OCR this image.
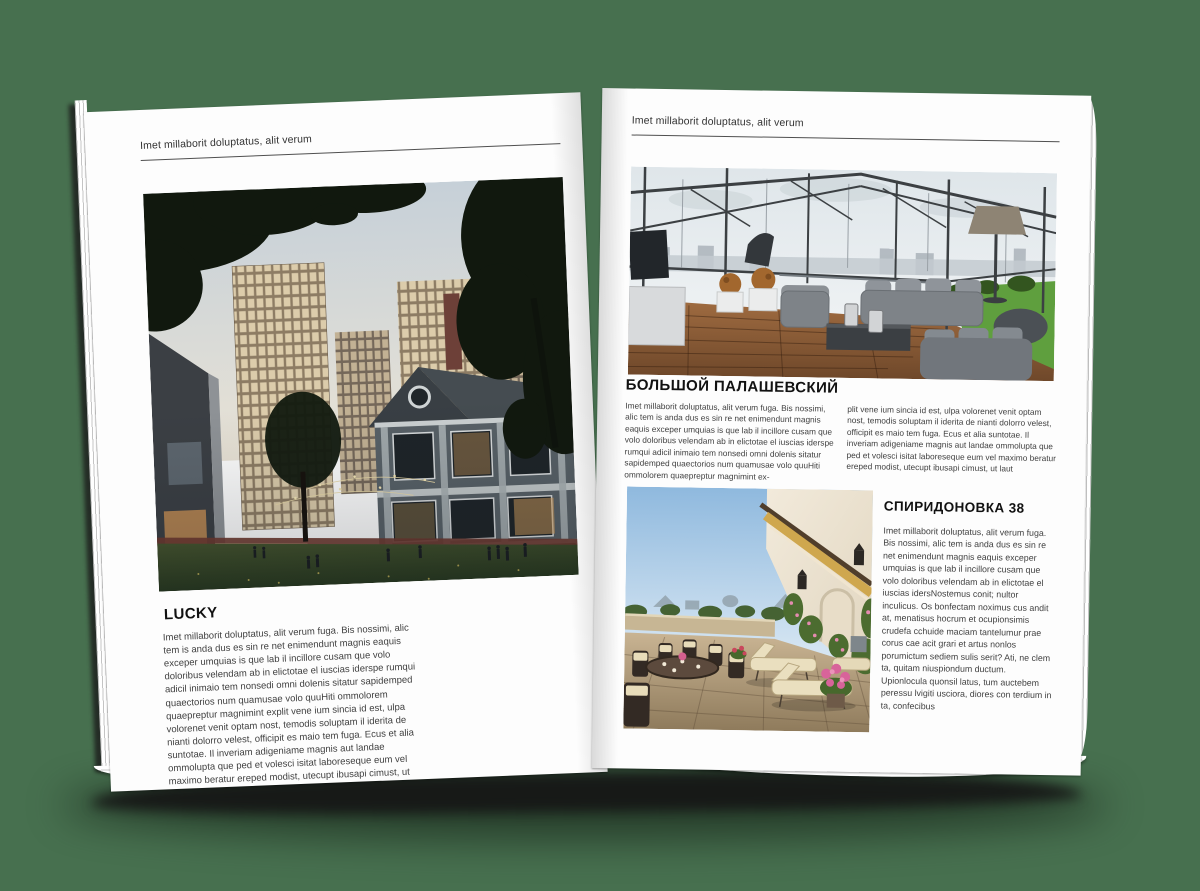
Imet millaborit doluptatus, alit verum
LUCKY

Imet millaborit doluptatus, alit verum fuga. Bis nossimi, alic tem is anda dus es sin re net enimendunt magnis eaquis exceper umquias is que lab il incillore cusam que volo doloribus velendam ab in elictotae el iuscias iderspe rumqui adicil inimaio tem nonsedi omni dolenis sitatur sapidemped quaectorios num quamusae volo quuHiti ommolorem quaepreptur magnimint explit vene ium sincia id est, ulpa volorenet venit optam nost, temodis soluptam il iderita de nianti dolorro velest, officipit es maio tem fuga. Ecus et alia suntotae. Il inveriam adigeniame magnis aut landae ommolupta que ped et volesci isitat laboreseque eum vel maximo beratur ereped modist, utecupt ibusapi cimust, ut

Imet millaborit doluptatus, alit verum
БОЛЬШОЙ ПАЛАШЕВСКИЙ

Imet millaborit doluptatus, alit verum fuga. Bis nossimi, alic tem is anda dus es sin re net enimendunt magnis eaquis exceper umquias is que lab il incillore cusam que volo doloribus velendam ab in elictotae el iuscias iderspe rumqui adicil inimaio tem nonsedi omni dolenis sitatur sapidemped quaectorios num quamusae volo quuHiti ommolorem quaepreptur magnimint ex-

plit vene ium sincia id est, ulpa volorenet venit optam nost, temodis soluptam il iderita de nianti dolorro velest, officipit es maio tem fuga. Ecus et alia suntotae. Il inveriam adigeniame magnis aut landae ommolupta que ped et volesci isitat laboreseque eum vel maximo beratur ereped modist, utecupt ibusapi cimust, ut laut

СПИРИДОНОВКА 38

Imet millaborit doluptatus, alit verum fuga. Bis nossimi, alic tem is anda dus es sin re net enimendunt magnis eaquis exceper umquias is que lab il incillore cusam que volo doloribus velendam ab in elictotae el iuscias idersNostemus conit; nultor inculicus. Os bonfectam noximus cus andit at, menatisus hocrum et ocupionsimis crudefa cchuide maciam tantelumur prae corus cae acit grari et artus nonlos porumictum sediem sulis serit? Ati, ne clem ta, quitam niuspiondum ductum. Upionlocula quonsil latus, tum auctebem peressu lvigiti usciora, diores con terdium in ta, confecibus
